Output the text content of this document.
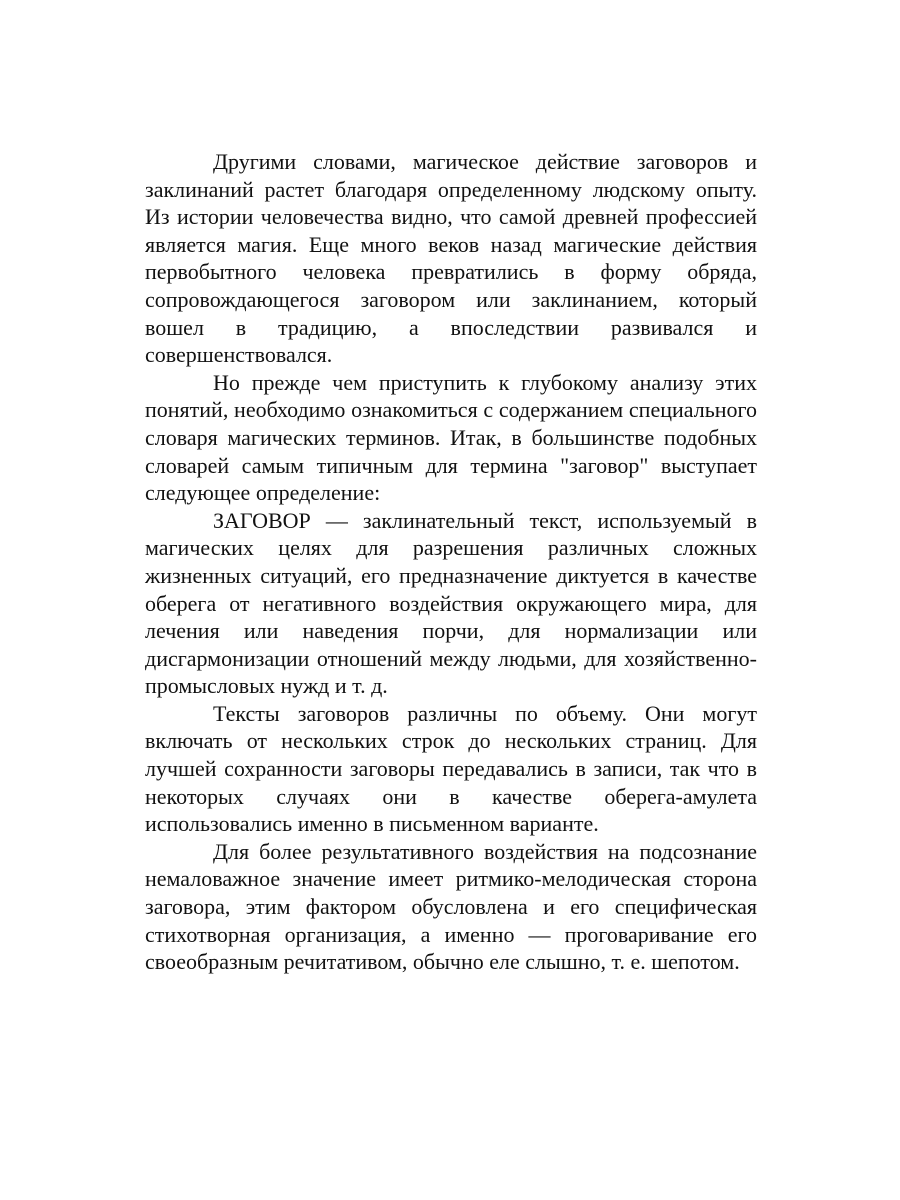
Другими словами, магическое действие заговоров и заклинаний растет благодаря определенному людскому опыту. Из истории человечества видно, что самой древней профессией является магия. Еще много веков назад магические действия первобытного человека превратились в форму обряда, сопровождающегося заговором или заклинанием, который вошел в традицию, а впоследствии развивался и совершенствовался.

Но прежде чем приступить к глубокому анализу этих понятий, необходимо ознакомиться с содержанием специального словаря магических терминов. Итак, в большинстве подобных словарей самым типичным для термина "заговор" выступает следующее определение:

ЗАГОВОР — заклинательный текст, используемый в магических целях для разрешения различных сложных жизненных ситуаций, его предназначение диктуется в качестве оберега от негативного воздействия окружающего мира, для лечения или наведения порчи, для нормализации или дисгармонизации отношений между людьми, для хозяйственно-промысловых нужд и т. д.

Тексты заговоров различны по объему. Они могут включать от нескольких строк до нескольких страниц. Для лучшей сохранности заговоры передавались в записи, так что в некоторых случаях они в качестве оберега-амулета использовались именно в письменном варианте.

Для более результативного воздействия на подсознание немаловажное значение имеет ритмико-мелодическая сторона заговора, этим фактором обусловлена и его специфическая стихотворная организация, а именно — проговаривание его своеобразным речитативом, обычно еле слышно, т. е. шепотом.
